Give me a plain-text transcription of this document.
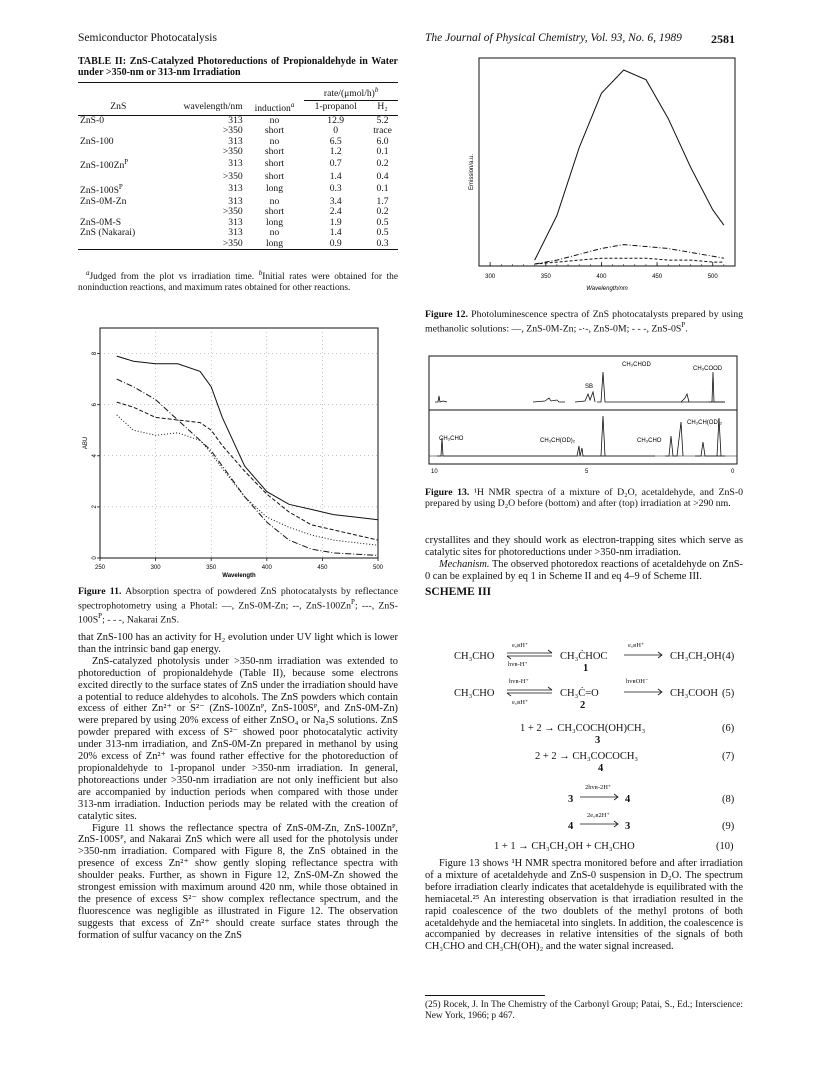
Semiconductor Photocatalysis	The Journal of Physical Chemistry, Vol. 93, No. 6, 1989 2581
TABLE II: ZnS-Catalyzed Photoreductions of Propionaldehyde in Water under >350-nm or 313-nm Irradiation
			rate/$(\mu mol/h)^b$
ZnS	wavelength/nm	induction$^a$	1-propanol	H₂
ZnS-0	313	no	12.9	5.2
	>350	short	0	trace
ZnS-100	313	no	6.5	6.0
	>350	short	1.2	0.1
ZnS-$100Zn^P$	313	short	0.7	0.2
	>350	short	1.4	0.4
ZnS-$100S^P$	313	long	0.3	0.1
ZnS-0M-Zn	313	no	3.4	1.7
	>350	short	2.4	0.2
ZnS-0M-S	313	long	1.9	0.5
ZnS (Nakarai)	313	no	1.4	0.5
	>350	long	0.9	0.3
$^a$Judged from the plot vs irradiation time. $^b$Initial rates were obtained for the noninduction reactions, and maximum rates obtained for other reactions.
250	300	350	400	450	500
0
2
4
6
8
Wavelength
ABU
Figure 11. Absorption spectra of powdered ZnS photocatalysts by reflectance spectrophotometry using a Photal: —, ZnS-0M-Zn; --, ZnS-$100Zn^P$; ---, ZnS-$100S^P$; - - -, Nakarai ZnS.
that ZnS-100 has an activity for H₂ evolution under UV light which is lower than the intrinsic band gap energy.
ZnS-catalyzed photolysis under >350-nm irradiation was extended to photoreduction of propionaldehyde (Table II), because some electrons excited directly to the surface states of ZnS under the irradiation should have a potential to reduce aldehydes to alcohols. The ZnS powders which contain excess of either Zn²⁺ or S²⁻ (ZnS-100Znᴾ, ZnS-100Sᴾ, and ZnS-0M-Zn) were prepared by using 20% excess of either ZnSO₄ or Na₂S solutions. ZnS powder prepared with excess of S²⁻ showed poor photocatalytic activity under 313-nm irradiation, and ZnS-0M-Zn prepared in methanol by using 20% excess of Zn²⁺ was found rather effective for the photoreduction of propionaldehyde to 1-propanol under >350-nm irradiation. In general, photoreactions under >350-nm irradiation are not only inefficient but also are accompanied by induction periods when compared with those under 313-nm irradiation. Induction periods may be related with the creation of catalytic sites.
Figure 11 shows the reflectance spectra of ZnS-0M-Zn, ZnS-100Znᴾ, ZnS-100Sᴾ, and Nakarai ZnS which were all used for the photolysis under >350-nm irradiation. Compared with Figure 8, the ZnS obtained in the presence of excess Zn²⁺ show gently sloping reflectance spectra with shoulder peaks. Further, as shown in Figure 12, ZnS-0M-Zn showed the strongest emission with maximum around 420 nm, while those obtained in the presence of excess S²⁻ show complex reflectance spectrum, and the fluorescence was negligible as illustrated in Figure 12. The observation suggests that excess of Zn²⁺ should create surface states through the formation of sulfur vacancy on the ZnS
300	350	400	450	500
Wavelength/nm
Emission/a.u.
Figure 12. Photoluminescence spectra of ZnS photocatalysts prepared by using methanolic solutions: —, ZnS-0M-Zn; -·-, ZnS-0M; - - -, ZnS-$0S^P$.
CH₃CHOD
CH₃COOD
SB
CH₃CH(OD)₂
CH₃CHO	CH₃CH(OD)₂	CH₃CHO
10	5	0
Figure 13. ¹H NMR spectra of a mixture of D₂O, acetaldehyde, and ZnS-0 prepared by using D₂O before (bottom) and after (top) irradiation at >290 nm.
crystallites and they should work as electron-trapping sites which serve as catalytic sites for photoreductions under >350-nm irradiation.
Mechanism. The observed photoredox reactions of acetaldehyde on ZnS-0 can be explained by eq 1 in Scheme II and eq 4–9 of Scheme III.
SCHEME III
CH₃CHO
e꜀ʙH⁺
hᴠʙ-H⁺
CH₃ĊHOC
1
e꜀ʙH⁺
CH₃CH₂OH (4)
CH₃CHO
hᴠʙ-H⁺
e꜀ʙH⁺
CH₃Ċ=O
2
hᴠʙOH⁻
CH₃COOH (5)
1 + 2 → CH₃COCH(OH)CH₃	(6)
3
2 + 2 → CH₃COCOCH₃	(7)
4
3
2hᴠʙ-2H⁺
4	(8)
4
2e꜀ʙ2H⁺
3	(9)
1 + 1 → CH₃CH₂OH + CH₃CHO	(10)
Figure 13 shows ¹H NMR spectra monitored before and after irradiation of a mixture of acetaldehyde and ZnS-0 suspension in D₂O. The spectrum before irradiation clearly indicates that acetaldehyde is equilibrated with the hemiacetal.²⁵ An interesting observation is that irradiation resulted in the rapid coalescence of the two doublets of the methyl protons of both acetaldehyde and the hemiacetal into singlets. In addition, the coalescence is accompanied by decreases in relative intensities of the signals of both CH₃CHO and CH₃CH(OH)₂ and the water signal increased.
(25) Rocek, J. In The Chemistry of the Carbonyl Group; Patai, S., Ed.; Interscience: New York, 1966; p 467.
